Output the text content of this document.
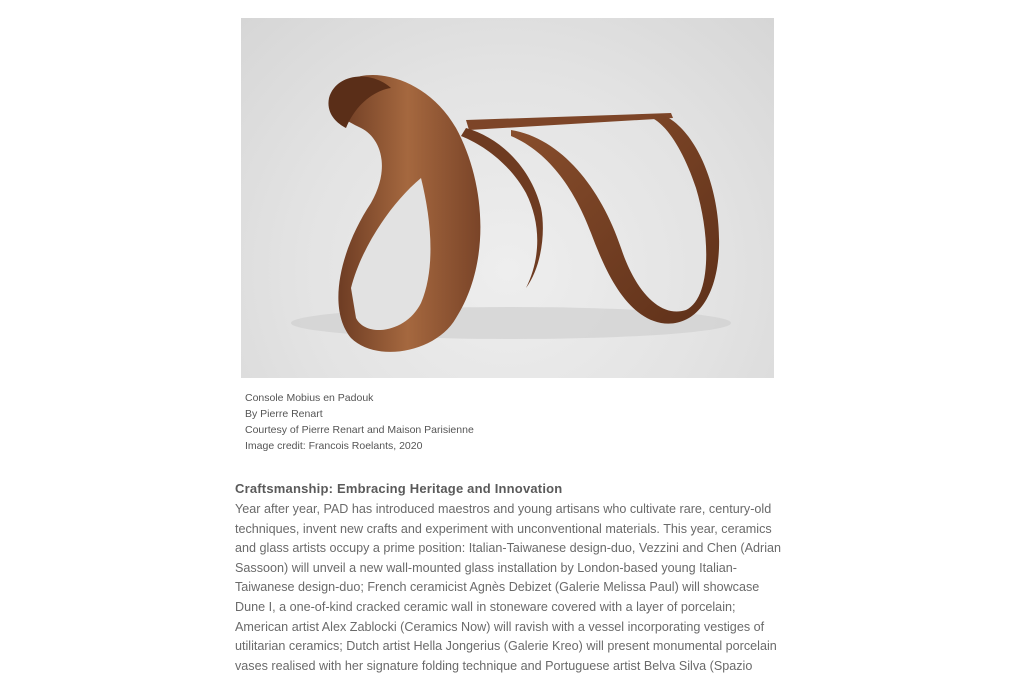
Console Mobius en Padouk
By Pierre Renart
Courtesy of Pierre Renart and Maison Parisienne
Image credit: Francois Roelants, 2020
Craftsmanship: Embracing Heritage and Innovation
Year after year, PAD has introduced maestros and young artisans who cultivate rare, century-old
techniques, invent new crafts and experiment with unconventional materials. This year, ceramics
and glass artists occupy a prime position: Italian-Taiwanese design-duo, Vezzini and Chen (Adrian
Sassoon) will unveil a new wall-mounted glass installation by London-based young Italian-
Taiwanese design-duo; French ceramicist Agnès Debizet (Galerie Melissa Paul) will showcase
Dune I, a one-of-kind cracked ceramic wall in stoneware covered with a layer of porcelain;
American artist Alex Zablocki (Ceramics Now) will ravish with a vessel incorporating vestiges of
utilitarian ceramics; Dutch artist Hella Jongerius (Galerie Kreo) will present monumental porcelain
vases realised with her signature folding technique and Portuguese artist Belva Silva (Spazio
